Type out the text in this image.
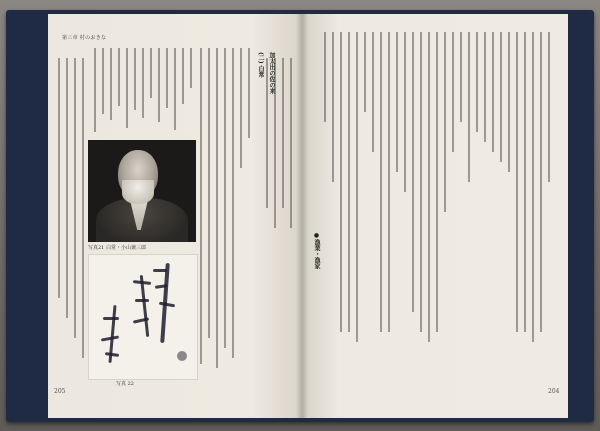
第三章 村のおきな
加太出の佐の来
(二) 白常
写真21 白常・小山兼三郎
写真 22
205	204
●漁業・漁家
